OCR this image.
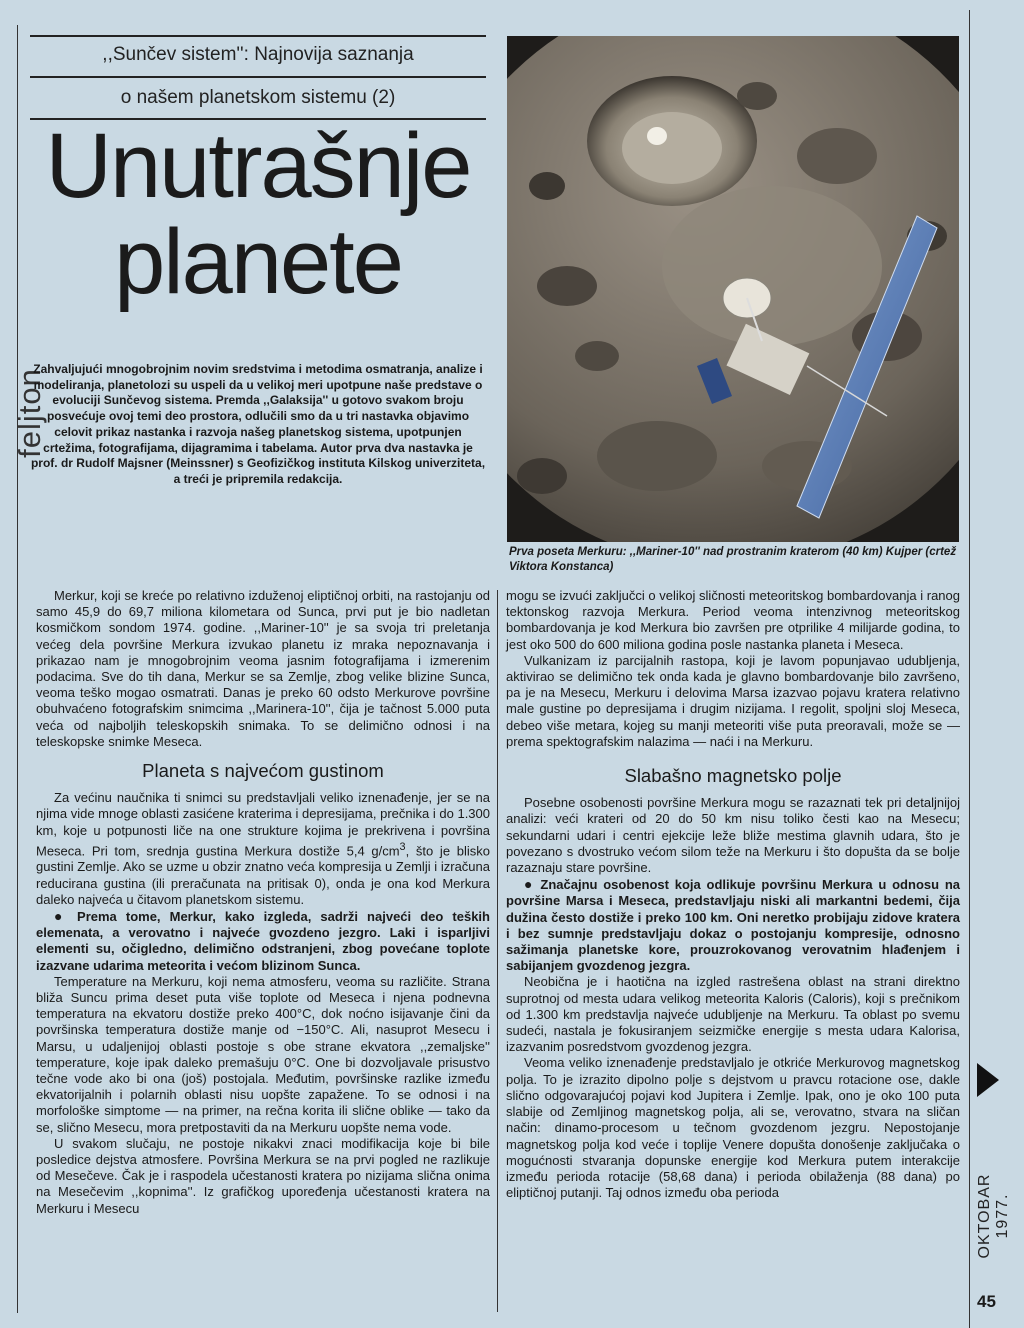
feljton
,,Sunčev sistem'': Najnovija saznanja
o našem planetskom sistemu (2)
Unutrašnje
planete
Zahvaljujući mnogobrojnim novim sredstvima i metodima osmatranja, analize i modeliranja, planetolozi su uspeli da u velikoj meri upotpune naše predstave o evoluciji Sunčevog sistema. Premda ,,Galaksija'' u gotovo svakom broju posvećuje ovoj temi deo prostora, odlučili smo da u tri nastavka objavimo celovit prikaz nastanka i razvoja našeg planetskog sistema, upotpunjen crtežima, fotografijama, dijagramima i tabelama. Autor prva dva nastavka je prof. dr Rudolf Majsner (Meinssner) s Geofizičkog instituta Kilskog univerziteta, a treći je pripremila redakcija.
Prva poseta Merkuru: ,,Mariner-10'' nad prostranim kraterom (40 km) Kujper (crtež Viktora Konstanca)

Merkur, koji se kreće po relativno izduženoj eliptičnoj orbiti, na rastojanju od samo 45,9 do 69,7 miliona kilometara od Sunca, prvi put je bio nadletan kosmičkom sondom 1974. godine. ,,Mariner-10'' je sa svoja tri preletanja većeg dela površine Merkura izvukao planetu iz mraka nepoznavanja i prikazao nam je mnogobrojnim veoma jasnim fotografijama i izmerenim podacima. Sve do tih dana, Merkur se sa Zemlje, zbog velike blizine Sunca, veoma teško mogao osmatrati. Danas je preko 60 odsto Merkurove površine obuhvaćeno fotografskim snimcima ,,Marinera-10'', čija je tačnost 5.000 puta veća od najboljih teleskopskih snimaka. To se delimično odnosi i na teleskopske snimke Meseca.

Planeta s najvećom gustinom

Za većinu naučnika ti snimci su predstavljali veliko iznenađenje, jer se na njima vide mnoge oblasti zasićene kraterima i depresijama, prečnika i do 1.300 km, koje u potpunosti liče na one strukture kojima je prekrivena i površina Meseca. Pri tom, srednja gustina Merkura dostiže 5,4 $g/cm^3$, što je blisko gustini Zemlje. Ako se uzme u obzir znatno veća kompresija u Zemlji i izračuna reducirana gustina (ili preračunata na pritisak 0), onda je ona kod Merkura daleko najveća u čitavom planetskom sistemu.

● Prema tome, Merkur, kako izgleda, sadrži najveći deo teških elemenata, a verovatno i najveće gvozdeno jezgro. Laki i isparljivi elementi su, očigledno, delimično odstranjeni, zbog povećane toplote izazvane udarima meteorita i većom blizinom Sunca.

Temperature na Merkuru, koji nema atmosferu, veoma su različite. Strana bliža Suncu prima deset puta više toplote od Meseca i njena podnevna temperatura na ekvatoru dostiže preko 400°C, dok noćno isijavanje čini da površinska temperatura dostiže manje od −150°C. Ali, nasuprot Mesecu i Marsu, u udaljenijoj oblasti postoje s obe strane ekvatora ,,zemaljske'' temperature, koje ipak daleko premašuju 0°C. One bi dozvoljavale prisustvo tečne vode ako bi ona (još) postojala. Međutim, površinske razlike između ekvatorijalnih i polarnih oblasti nisu uopšte zapažene. To se odnosi i na morfološke simptome — na primer, na rečna korita ili slične oblike — tako da se, slično Mesecu, mora pretpostaviti da na Merkuru uopšte nema vode.

U svakom slučaju, ne postoje nikakvi znaci modifikacija koje bi bile posledice dejstva atmosfere. Površina Merkura se na prvi pogled ne razlikuje od Mesečeve. Čak je i raspodela učestanosti kratera po nizijama slična onima na Mesečevim ,,kopnima''. Iz grafičkog upoređenja učestanosti kratera na Merkuru i Mesecu

mogu se izvući zaključci o velikoj sličnosti meteoritskog bombardovanja i ranog tektonskog razvoja Merkura. Period veoma intenzivnog meteoritskog bombardovanja je kod Merkura bio završen pre otprilike 4 milijarde godina, to jest oko 500 do 600 miliona godina posle nastanka planeta i Meseca.

Vulkanizam iz parcijalnih rastopa, koji je lavom popunjavao udubljenja, aktivirao se delimično tek onda kada je glavno bombardovanje bilo završeno, pa je na Mesecu, Merkuru i delovima Marsa izazvao pojavu kratera relativno male gustine po depresijama i drugim nizijama. I regolit, spoljni sloj Meseca, debeo više metara, kojeg su manji meteoriti više puta preoravali, može se — prema spektografskim nalazima — naći i na Merkuru.

Slabašno magnetsko polje

Posebne osobenosti površine Merkura mogu se razaznati tek pri detaljnijoj analizi: veći krateri od 20 do 50 km nisu toliko česti kao na Mesecu; sekundarni udari i centri ejekcije leže bliže mestima glavnih udara, što je povezano s dvostruko većom silom teže na Merkuru i što dopušta da se bolje razaznaju stare površine.

● Značajnu osobenost koja odlikuje površinu Merkura u odnosu na površine Marsa i Meseca, predstavljaju niski ali markantni bedemi, čija dužina često dostiže i preko 100 km. Oni neretko probijaju zidove kratera i bez sumnje predstavljaju dokaz o postojanju kompresije, odnosno sažimanja planetske kore, prouzrokovanog verovatnim hlađenjem i sabijanjem gvozdenog jezgra.

Neobična je i haotična na izgled rastrešena oblast na strani direktno suprotnoj od mesta udara velikog meteorita Kaloris (Caloris), koji s prečnikom od 1.300 km predstavlja najveće udubljenje na Merkuru. Ta oblast po svemu sudeći, nastala je fokusiranjem seizmičke energije s mesta udara Kalorisa, izazvanim posredstvom gvozdenog jezgra.

Veoma veliko iznenađenje predstavljalo je otkriće Merkurovog magnetskog polja. To je izrazito dipolno polje s dejstvom u pravcu rotacione ose, dakle slično odgovarajućoj pojavi kod Jupitera i Zemlje. Ipak, ono je oko 100 puta slabije od Zemljinog magnetskog polja, ali se, verovatno, stvara na sličan način: dinamo-procesom u tečnom gvozdenom jezgru. Nepostojanje magnetskog polja kod veće i toplije Venere dopušta donošenje zaključaka o mogućnosti stvaranja dopunske energije kod Merkura putem interakcije između perioda rotacije (58,68 dana) i perioda obilaženja (88 dana) po eliptičnoj putanji. Taj odnos između oba perioda	OKTOBAR 1977.
45
